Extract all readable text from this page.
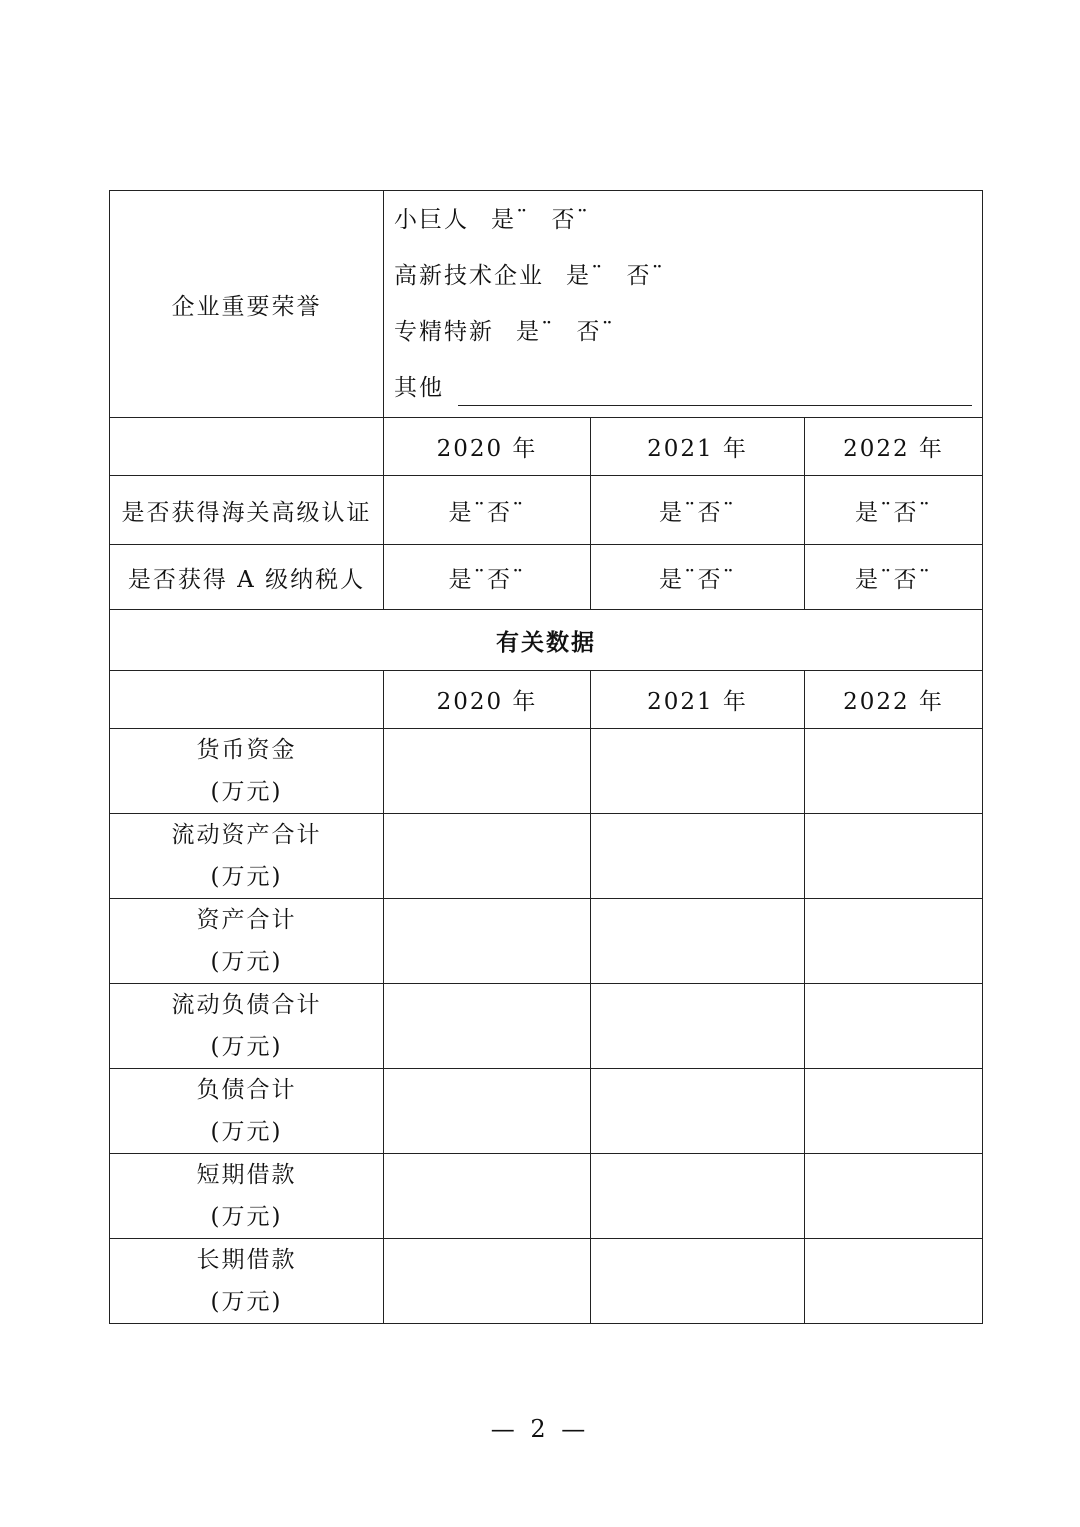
企业重要荣誉	小巨人 是¨ 否¨
高新技术企业 是¨ 否¨
专精特新 是¨ 否¨
其他		

	2020 年	2021 年	2022 年
是否获得海关高级认证	是¨否¨	是¨否¨	是¨否¨
是否获得 A 级纳税人	是¨否¨	是¨否¨	是¨否¨
有关数据			
	2020 年	2021 年	2022 年

货币资金
(万元)			

流动资产合计
(万元)			

资产合计
(万元)			

流动负债合计
(万元)			

负债合计
(万元)			

短期借款
(万元)			

长期借款
(万元)			

— 2 —
